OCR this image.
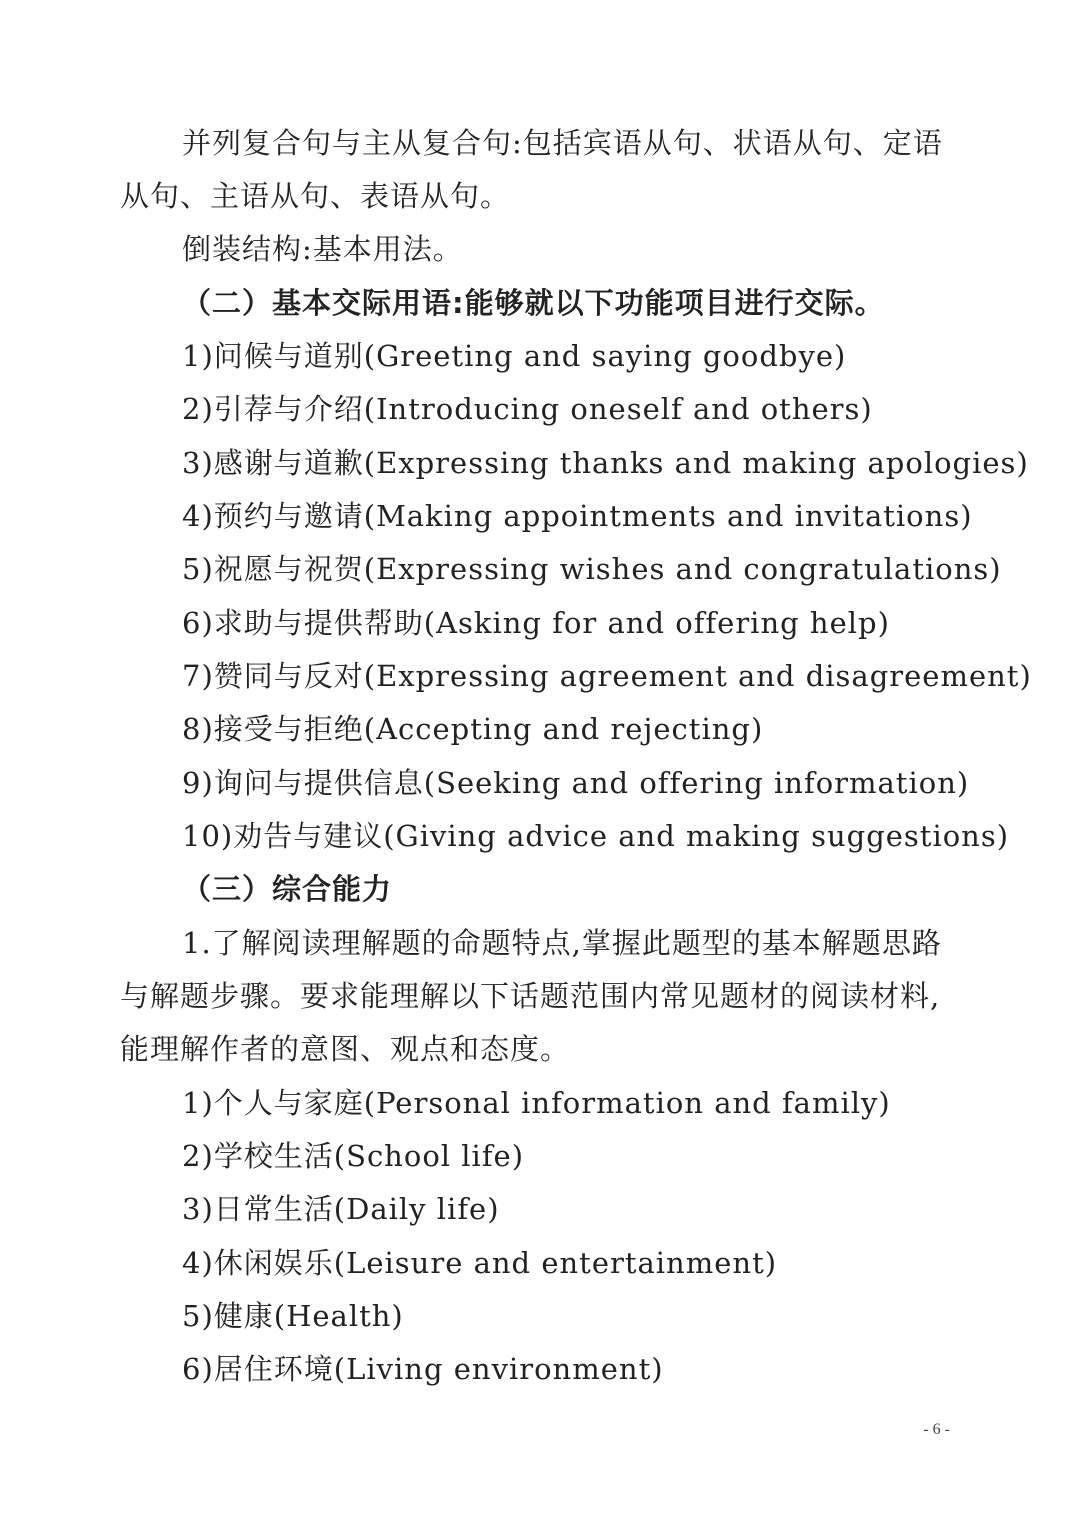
并列复合句与主从复合句:包括宾语从句、状语从句、定语
从句、主语从句、表语从句。
倒装结构:基本用法。
（二）基本交际用语:能够就以下功能项目进行交际。
1)问候与道别(Greeting and saying goodbye)
2)引荐与介绍(Introducing oneself and others)
3)感谢与道歉(Expressing thanks and making apologies)
4)预约与邀请(Making appointments and invitations)
5)祝愿与祝贺(Expressing wishes and congratulations)
6)求助与提供帮助(Asking for and offering help)
7)赞同与反对(Expressing agreement and disagreement)
8)接受与拒绝(Accepting and rejecting)
9)询问与提供信息(Seeking and offering information)
10)劝告与建议(Giving advice and making suggestions)
（三）综合能力
1.了解阅读理解题的命题特点,掌握此题型的基本解题思路
与解题步骤。要求能理解以下话题范围内常见题材的阅读材料,
能理解作者的意图、观点和态度。
1)个人与家庭(Personal information and family)
2)学校生活(School life)
3)日常生活(Daily life)
4)休闲娱乐(Leisure and entertainment)
5)健康(Health)
6)居住环境(Living environment)
- 6 -
